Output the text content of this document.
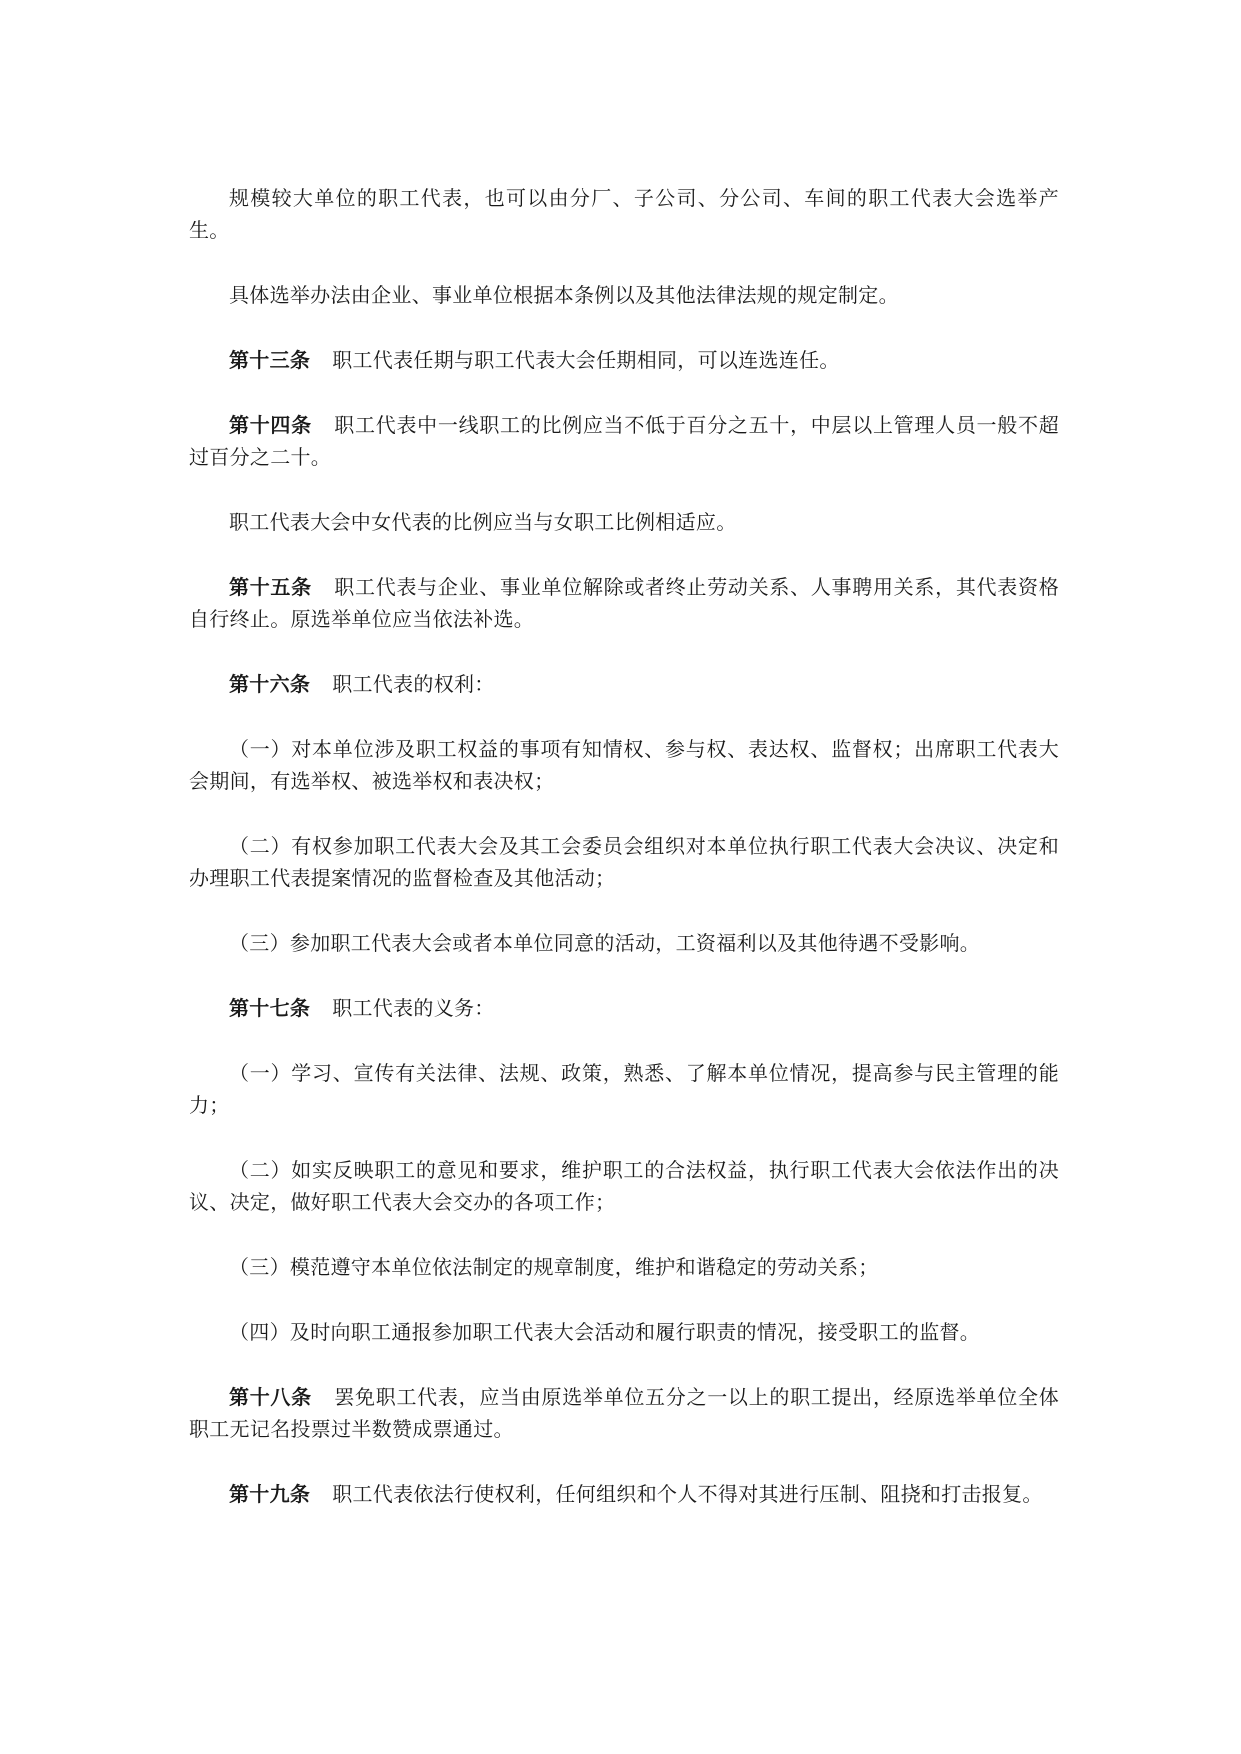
规模较大单位的职工代表，也可以由分厂、子公司、分公司、车间的职工代表大会选举产生。

具体选举办法由企业、事业单位根据本条例以及其他法律法规的规定制定。

第十三条 职工代表任期与职工代表大会任期相同，可以连选连任。

第十四条 职工代表中一线职工的比例应当不低于百分之五十，中层以上管理人员一般不超过百分之二十。

职工代表大会中女代表的比例应当与女职工比例相适应。

第十五条 职工代表与企业、事业单位解除或者终止劳动关系、人事聘用关系，其代表资格自行终止。原选举单位应当依法补选。

第十六条 职工代表的权利：

（一）对本单位涉及职工权益的事项有知情权、参与权、表达权、监督权；出席职工代表大会期间，有选举权、被选举权和表决权；

（二）有权参加职工代表大会及其工会委员会组织对本单位执行职工代表大会决议、决定和办理职工代表提案情况的监督检查及其他活动；

（三）参加职工代表大会或者本单位同意的活动，工资福利以及其他待遇不受影响。

第十七条 职工代表的义务：

（一）学习、宣传有关法律、法规、政策，熟悉、了解本单位情况，提高参与民主管理的能力；

（二）如实反映职工的意见和要求，维护职工的合法权益，执行职工代表大会依法作出的决议、决定，做好职工代表大会交办的各项工作；

（三）模范遵守本单位依法制定的规章制度，维护和谐稳定的劳动关系；

（四）及时向职工通报参加职工代表大会活动和履行职责的情况，接受职工的监督。

第十八条 罢免职工代表，应当由原选举单位五分之一以上的职工提出，经原选举单位全体职工无记名投票过半数赞成票通过。

第十九条 职工代表依法行使权利，任何组织和个人不得对其进行压制、阻挠和打击报复。
